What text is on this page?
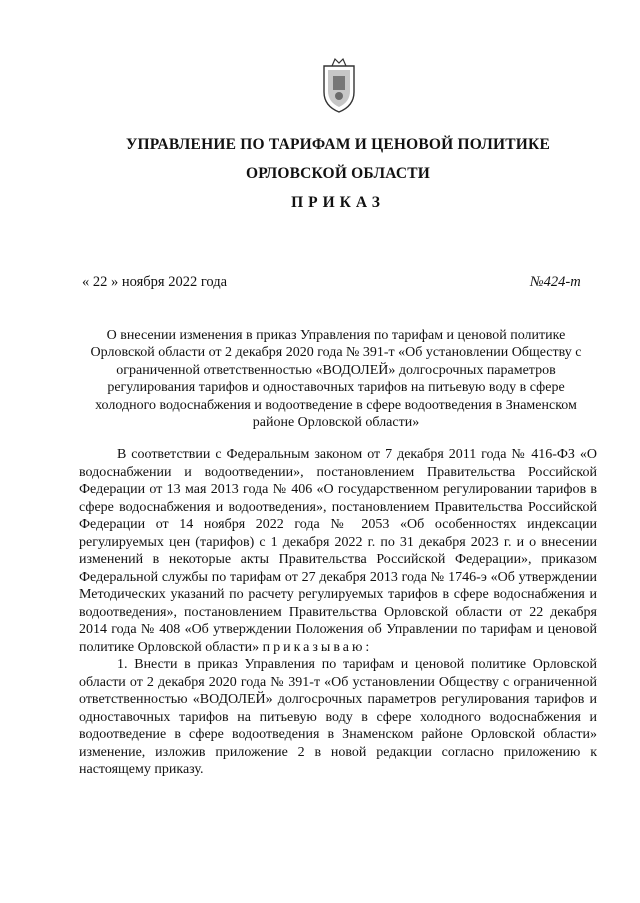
УПРАВЛЕНИЕ ПО ТАРИФАМ И ЦЕНОВОЙ ПОЛИТИКЕ
ОРЛОВСКОЙ ОБЛАСТИ
ПРИКАЗ
« 22 » ноября 2022 года	№424-т
О внесении изменения в приказ Управления по тарифам и ценовой политике Орловской области от 2 декабря 2020 года № 391-т «Об установлении Обществу с ограниченной ответственностью «ВОДОЛЕЙ» долгосрочных параметров регулирования тарифов и одноставочных тарифов на питьевую воду в сфере холодного водоснабжения и водоотведение в сфере водоотведения в Знаменском районе Орловской области»

В соответствии с Федеральным законом от 7 декабря 2011 года № 416-ФЗ «О водоснабжении и водоотведении», постановлением Правительства Российской Федерации от 13 мая 2013 года № 406 «О государственном регулировании тарифов в сфере водоснабжения и водоотведения», постановлением Правительства Российской Федерации от 14 ноября 2022 года № 2053 «Об особенностях индексации регулируемых цен (тарифов) с 1 декабря 2022 г. по 31 декабря 2023 г. и о внесении изменений в некоторые акты Правительства Российской Федерации», приказом Федеральной службы по тарифам от 27 декабря 2013 года № 1746-э «Об утверждении Методических указаний по расчету регулируемых тарифов в сфере водоснабжения и водоотведения», постановлением Правительства Орловской области от 22 декабря 2014 года № 408 «Об утверждении Положения об Управлении по тарифам и ценовой политике Орловской области» приказываю:

1. Внести в приказ Управления по тарифам и ценовой политике Орловской области от 2 декабря 2020 года № 391-т «Об установлении Обществу с ограниченной ответственностью «ВОДОЛЕЙ» долгосрочных параметров регулирования тарифов и одноставочных тарифов на питьевую воду в сфере холодного водоснабжения и водоотведение в сфере водоотведения в Знаменском районе Орловской области» изменение, изложив приложение 2 в новой редакции согласно приложению к настоящему приказу.
